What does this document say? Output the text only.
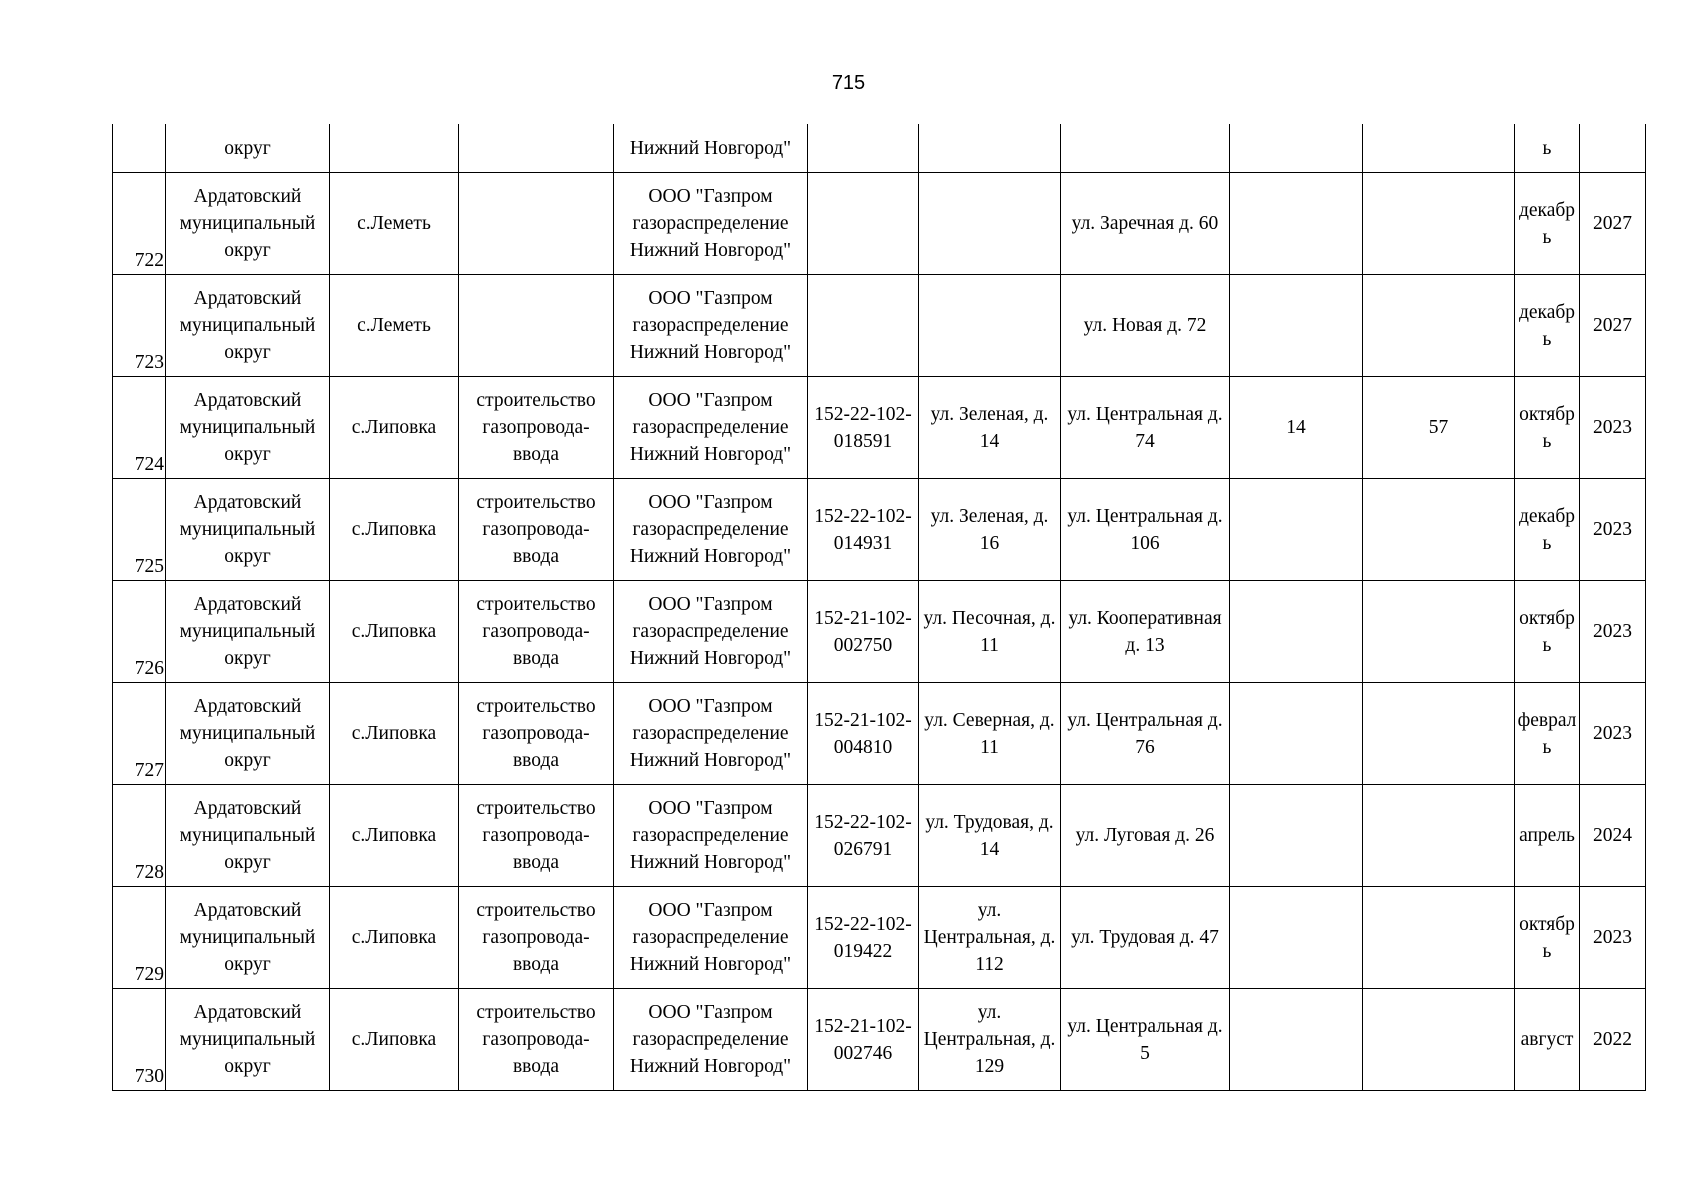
715
	округ			Нижний Новгород"						ь	
722	Ардатовский муниципальный округ	с.Леметь		ООО "Газпром газораспределение Нижний Новгород"			ул. Заречная д. 60			декабр ь	2027
723	Ардатовский муниципальный округ	с.Леметь		ООО "Газпром газораспределение Нижний Новгород"			ул. Новая д. 72			декабр ь	2027
724	Ардатовский муниципальный округ	с.Липовка	строительство газопровода-ввода	ООО "Газпром газораспределение Нижний Новгород"	152-22-102-018591	ул. Зеленая, д. 14	ул. Центральная д. 74	14	57	октябр ь	2023
725	Ардатовский муниципальный округ	с.Липовка	строительство газопровода-ввода	ООО "Газпром газораспределение Нижний Новгород"	152-22-102-014931	ул. Зеленая, д. 16	ул. Центральная д. 106			декабр ь	2023
726	Ардатовский муниципальный округ	с.Липовка	строительство газопровода-ввода	ООО "Газпром газораспределение Нижний Новгород"	152-21-102-002750	ул. Песочная, д. 11	ул. Кооперативная д. 13			октябр ь	2023
727	Ардатовский муниципальный округ	с.Липовка	строительство газопровода-ввода	ООО "Газпром газораспределение Нижний Новгород"	152-21-102-004810	ул. Северная, д. 11	ул. Центральная д. 76			феврал ь	2023
728	Ардатовский муниципальный округ	с.Липовка	строительство газопровода-ввода	ООО "Газпром газораспределение Нижний Новгород"	152-22-102-026791	ул. Трудовая, д. 14	ул. Луговая д. 26			апрель	2024
729	Ардатовский муниципальный округ	с.Липовка	строительство газопровода-ввода	ООО "Газпром газораспределение Нижний Новгород"	152-22-102-019422	ул. Центральная, д. 112	ул. Трудовая д. 47			октябр ь	2023
730	Ардатовский муниципальный округ	с.Липовка	строительство газопровода-ввода	ООО "Газпром газораспределение Нижний Новгород"	152-21-102-002746	ул. Центральная, д. 129	ул. Центральная д. 5			август	2022
